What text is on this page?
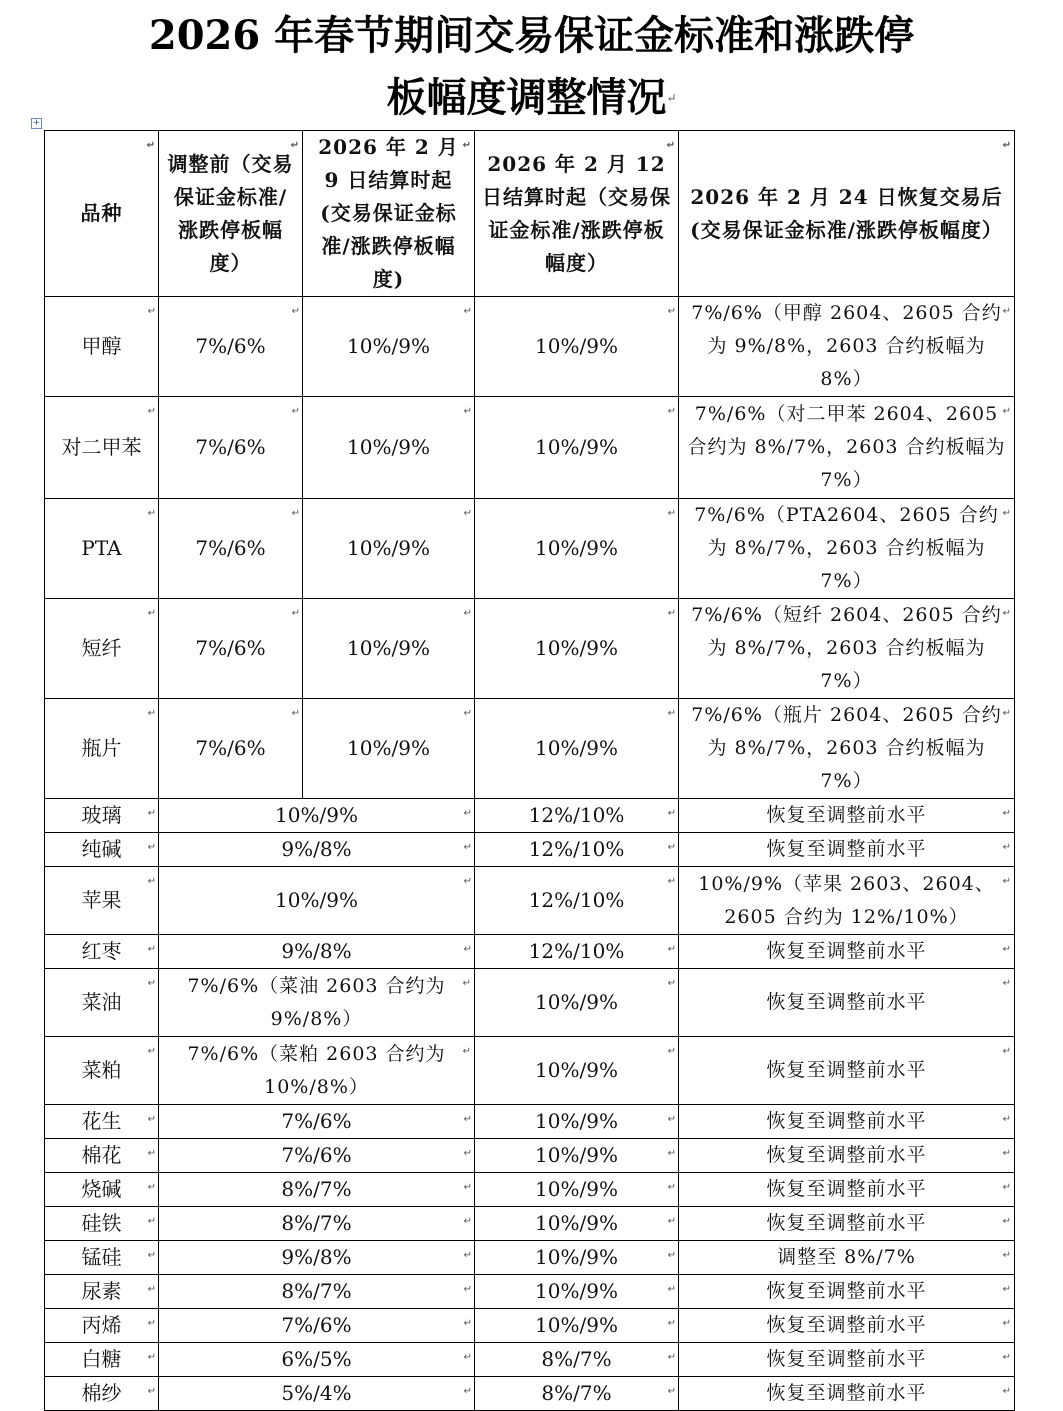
2026 年春节期间交易保证金标准和涨跌停
板幅度调整情况↵
+
品种 ↵	调整前（交易保证金标准/涨跌停板幅度） ↵	2026 年 2 月 9 日结算时起(交易保证金标准/涨跌停板幅度) ↵	2026 年 2 月 12 日结算时起（交易保证金标准/涨跌停板幅度） ↵	2026 年 2 月 24 日恢复交易后(交易保证金标准/涨跌停板幅度） ↵
甲醇 ↵	7%/6% ↵	10%/9% ↵	10%/9% ↵	7%/6%（甲醇 2604、2605 合约为 9%/8%，2603 合约板幅为 8%） ↵
对二甲苯 ↵	7%/6% ↵	10%/9% ↵	10%/9% ↵	7%/6%（对二甲苯 2604、2605 合约为 8%/7%，2603 合约板幅为 7%） ↵
PTA ↵	7%/6% ↵	10%/9% ↵	10%/9% ↵	7%/6%（PTA2604、2605 合约为 8%/7%，2603 合约板幅为 7%） ↵
短纤 ↵	7%/6% ↵	10%/9% ↵	10%/9% ↵	7%/6%（短纤 2604、2605 合约为 8%/7%，2603 合约板幅为 7%） ↵
瓶片 ↵	7%/6% ↵	10%/9% ↵	10%/9% ↵	7%/6%（瓶片 2604、2605 合约为 8%/7%，2603 合约板幅为 7%） ↵
玻璃 ↵	10%/9% ↵		12%/10% ↵	恢复至调整前水平 ↵
纯碱 ↵	9%/8% ↵		12%/10% ↵	恢复至调整前水平 ↵
苹果 ↵	10%/9% ↵		12%/10% ↵	10%/9%（苹果 2603、2604、2605 合约为 12%/10%） ↵
红枣 ↵	9%/8% ↵		12%/10% ↵	恢复至调整前水平 ↵
菜油 ↵	7%/6%（菜油 2603 合约为 9%/8%） ↵		10%/9% ↵	恢复至调整前水平 ↵
菜粕 ↵	7%/6%（菜粕 2603 合约为 10%/8%） ↵		10%/9% ↵	恢复至调整前水平 ↵
花生 ↵	7%/6% ↵		10%/9% ↵	恢复至调整前水平 ↵
棉花 ↵	7%/6% ↵		10%/9% ↵	恢复至调整前水平 ↵
烧碱 ↵	8%/7% ↵		10%/9% ↵	恢复至调整前水平 ↵
硅铁 ↵	8%/7% ↵		10%/9% ↵	恢复至调整前水平 ↵
锰硅 ↵	9%/8% ↵		10%/9% ↵	调整至 8%/7% ↵
尿素 ↵	8%/7% ↵		10%/9% ↵	恢复至调整前水平 ↵
丙烯 ↵	7%/6% ↵		10%/9% ↵	恢复至调整前水平 ↵
白糖 ↵	6%/5% ↵		8%/7% ↵	恢复至调整前水平 ↵
棉纱 ↵	5%/4% ↵		8%/7% ↵	恢复至调整前水平 ↵
